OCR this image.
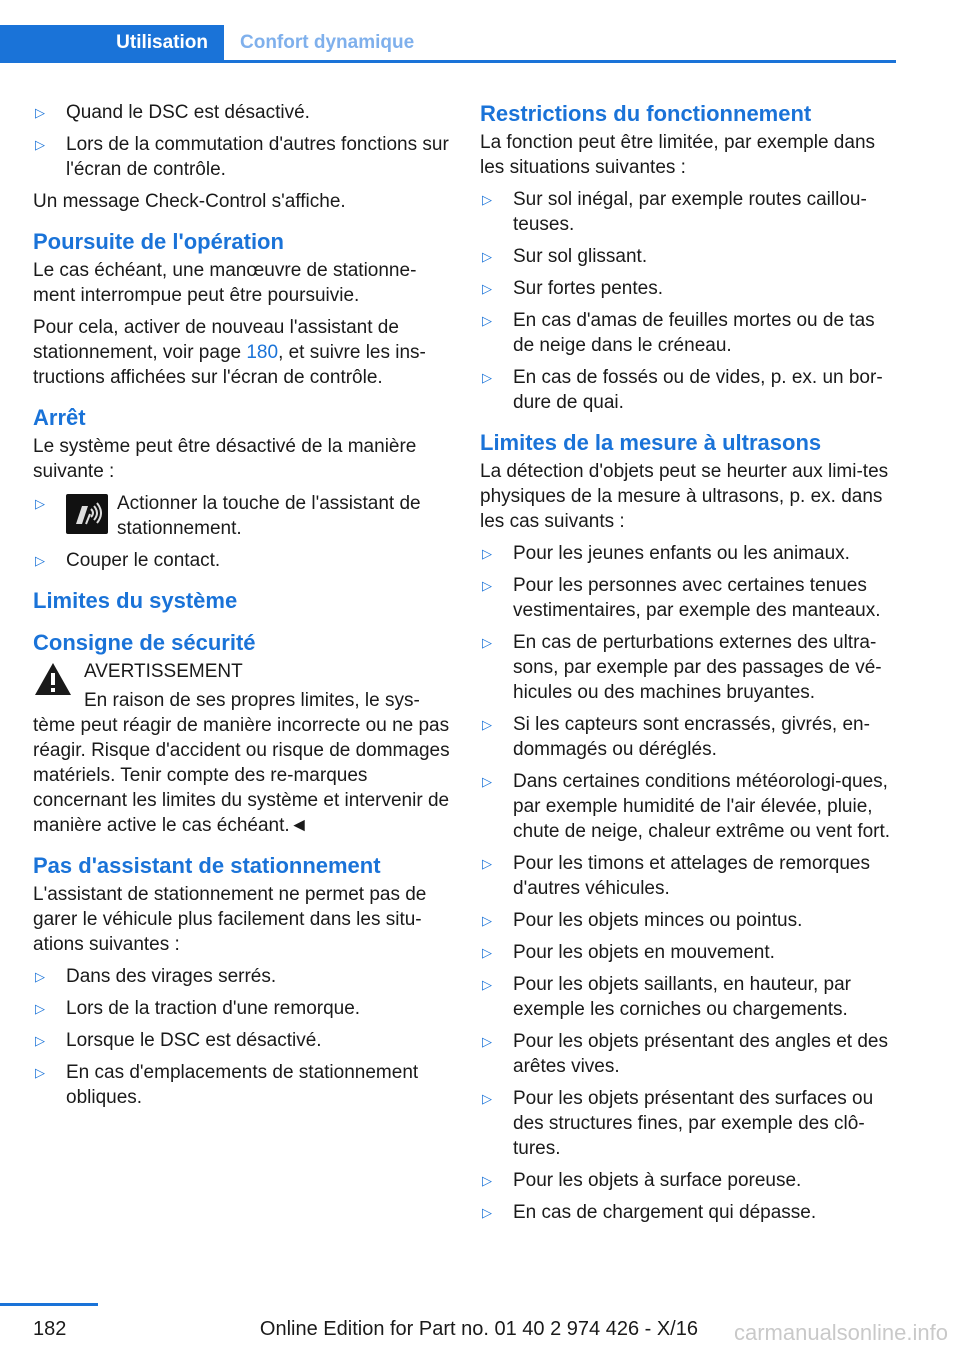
Utilisation	Confort dynamique
▷ Quand le DSC est désactivé.
▷ Lors de la commutation d'autres fonctions sur l'écran de contrôle.

Un message Check-Control s'affiche.

Poursuite de l'opération

Le cas échéant, une manœuvre de stationne-ment interrompue peut être poursuivie.

Pour cela, activer de nouveau l'assistant de stationnement, voir page 180, et suivre les ins-tructions affichées sur l'écran de contrôle.

Arrêt

Le système peut être désactivé de la manière suivante :

▷	Actionner la touche de l'assistant de stationnement.
▷ Couper le contact.
Limites du système
Consigne de sécurité
AVERTISSEMENT
En raison de ses propres limites, le sys-
tème peut réagir de manière incorrecte ou ne pas réagir. Risque d'accident ou risque de dommages matériels. Tenir compte des re-marques concernant les limites du système et intervenir de manière active le cas échéant.◄
Pas d'assistant de stationnement

L'assistant de stationnement ne permet pas de garer le véhicule plus facilement dans les situ-ations suivantes :

▷ Dans des virages serrés.
▷ Lors de la traction d'une remorque.
▷ Lorsque le DSC est désactivé.
▷ En cas d'emplacements de stationnement obliques.
Restrictions du fonctionnement

La fonction peut être limitée, par exemple dans les situations suivantes :

▷ Sur sol inégal, par exemple routes caillou-teuses.
▷ Sur sol glissant.
▷ Sur fortes pentes.
▷ En cas d'amas de feuilles mortes ou de tas de neige dans le créneau.
▷ En cas de fossés ou de vides, p. ex. un bor-dure de quai.
Limites de la mesure à ultrasons

La détection d'objets peut se heurter aux limi-tes physiques de la mesure à ultrasons, p. ex. dans les cas suivants :

▷ Pour les jeunes enfants ou les animaux.
▷ Pour les personnes avec certaines tenues vestimentaires, par exemple des manteaux.
▷ En cas de perturbations externes des ultra-sons, par exemple par des passages de vé-hicules ou des machines bruyantes.
▷ Si les capteurs sont encrassés, givrés, en-dommagés ou déréglés.
▷ Dans certaines conditions météorologi-ques, par exemple humidité de l'air élevée, pluie, chute de neige, chaleur extrême ou vent fort.
▷ Pour les timons et attelages de remorques d'autres véhicules.
▷ Pour les objets minces ou pointus.
▷ Pour les objets en mouvement.
▷ Pour les objets saillants, en hauteur, par exemple les corniches ou chargements.
▷ Pour les objets présentant des angles et des arêtes vives.
▷ Pour les objets présentant des surfaces ou des structures fines, par exemple des clô-tures.
▷ Pour les objets à surface poreuse.
▷ En cas de chargement qui dépasse.
182	Online Edition for Part no. 01 40 2 974 426 - X/16 carmanualsonline.info
